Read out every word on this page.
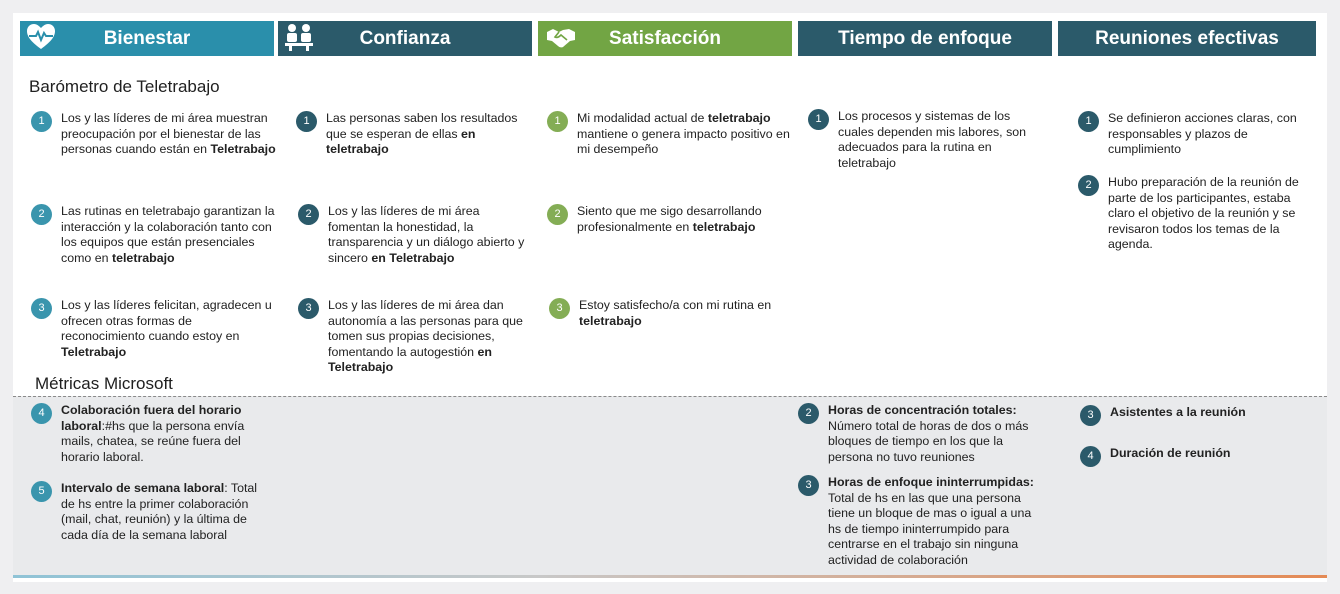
Bienestar	Confianza	Satisfacción	Tiempo de enfoque	Reuniones efectivas
Barómetro de Teletrabajo
Métricas Microsoft
1	Los y las líderes de mi área muestran preocupación por el bienestar de las personas cuando están en Teletrabajo
2	Las rutinas en teletrabajo garantizan la interacción y la colaboración tanto con los equipos que están presenciales como en teletrabajo
3	Los y las líderes felicitan, agradecen u ofrecen otras formas de reconocimiento cuando estoy en Teletrabajo
1	Las personas saben los resultados que se esperan de ellas en teletrabajo
2	Los y las líderes de mi área fomentan la honestidad, la transparencia y un diálogo abierto y sincero en Teletrabajo
3	Los y las líderes de mi área dan autonomía a las personas para que tomen sus propias decisiones, fomentando la autogestión en Teletrabajo
1	Mi modalidad actual de teletrabajo mantiene o genera impacto positivo en mi desempeño
2	Siento que me sigo desarrollando profesionalmente en teletrabajo
3	Estoy satisfecho/a con mi rutina en teletrabajo
1	Los procesos y sistemas de los cuales dependen mis labores, son adecuados para la rutina en teletrabajo
1	Se definieron acciones claras, con responsables y plazos de cumplimiento
2	Hubo preparación de la reunión de parte de los participantes, estaba claro el objetivo de la reunión y se revisaron todos los temas de la agenda.
4	Colaboración fuera del horario laboral:#hs que la persona envía mails, chatea, se reúne fuera del horario laboral.
5	Intervalo de semana laboral: Total de hs entre la primer colaboración (mail, chat, reunión) y la última de cada día de la semana laboral
2	Horas de concentración totales:
Número total de horas de dos o más bloques de tiempo en los que la persona no tuvo reuniones
3	Horas de enfoque ininterrumpidas:
Total de hs en las que una persona tiene un bloque de mas o igual a una hs de tiempo ininterrumpido para centrarse en el trabajo sin ninguna actividad de colaboración
3	Asistentes a la reunión
4	Duración de reunión
